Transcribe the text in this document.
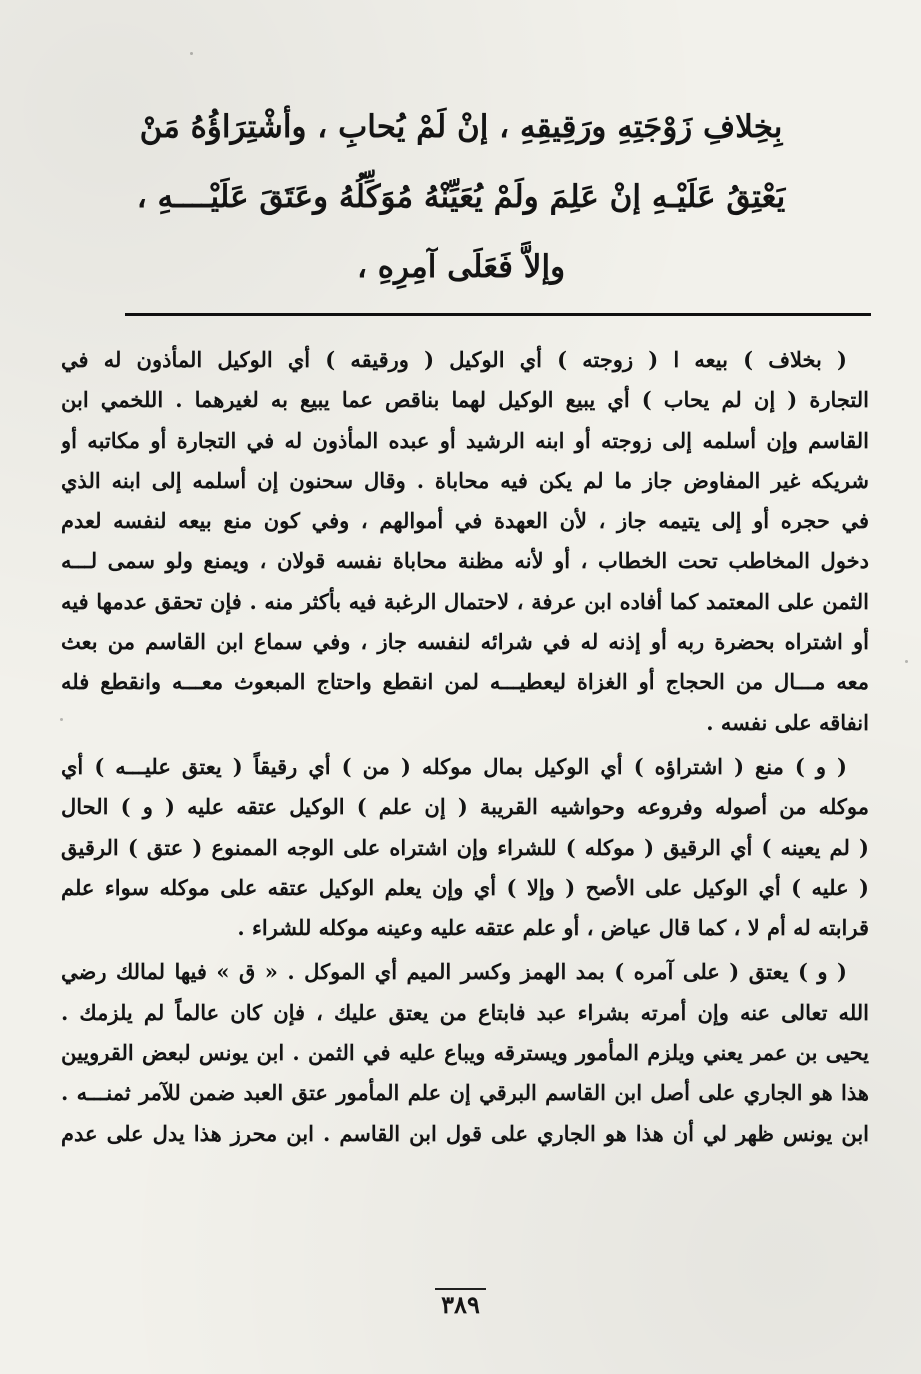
بِخِلافِ زَوْجَتِهِ ورَقِيقِهِ ، إنْ لَمْ يُحابِ ، وأشْتِرَاؤُهُ مَنْ
يَعْتِقُ عَلَيْـهِ إنْ عَلِمَ ولَمْ يُعَيِّنْهُ مُوَكِّلُهُ وعَتَقَ عَلَيْــــهِ ،
وإلاَّ فَعَلَى آمِرِهِ ،
( بخلاف ) بيعه ا ( زوجته ) أي الوكيل ( ورقيقه ) أي الوكيل المأذون له في
التجارة ( إن لم يحاب ) أي يبيع الوكيل لهما بناقص عما يبيع به لغيرهما . اللخمي ابن
القاسم وإن أسلمه إلى زوجته أو ابنه الرشيد أو عبده المأذون له في التجارة أو مكاتبه أو
شريكه غير المفاوض جاز ما لم يكن فيه محاباة . وقال سحنون إن أسلمه إلى ابنه الذي
في حجره أو إلى يتيمه جاز ، لأن العهدة في أموالهم ، وفي كون منع بيعه لنفسه لعدم
دخول المخاطب تحت الخطاب ، أو لأنه مظنة محاباة نفسه قولان ، ويمنع ولو سمى لـــه
الثمن على المعتمد كما أفاده ابن عرفة ، لاحتمال الرغبة فيه بأكثر منه . فإن تحقق عدمها فيه
أو اشتراه بحضرة ربه أو إذنه له في شرائه لنفسه جاز ، وفي سماع ابن القاسم من بعث
معه مـــال من الحجاج أو الغزاة ليعطيـــه لمن انقطع واحتاج المبعوث معـــه وانقطع فله
انفاقه على نفسه .
( و ) منع ( اشتراؤه ) أي الوكيل بمال موكله ( من ) أي رقيقاً ( يعتق عليـــه ) أي
موكله من أصوله وفروعه وحواشيه القريبة ( إن علم ) الوكيل عتقه عليه ( و ) الحال
( لم يعينه ) أي الرقيق ( موكله ) للشراء وإن اشتراه على الوجه الممنوع ( عتق ) الرقيق
( عليه ) أي الوكيل على الأصح ( وإلا ) أي وإن يعلم الوكيل عتقه على موكله سواء علم
قرابته له أم لا ، كما قال عياض ، أو علم عتقه عليه وعينه موكله للشراء .
( و ) يعتق ( على آمره ) بمد الهمز وكسر الميم أي الموكل . « ق » فيها لمالك رضي
الله تعالى عنه وإن أمرته بشراء عبد فابتاع من يعتق عليك ، فإن كان عالماً لم يلزمك .
يحيى بن عمر يعني ويلزم المأمور ويسترقه ويباع عليه في الثمن . ابن يونس لبعض القرويين
هذا هو الجاري على أصل ابن القاسم البرقي إن علم المأمور عتق العبد ضمن للآمر ثمنـــه .
ابن يونس ظهر لي أن هذا هو الجاري على قول ابن القاسم . ابن محرز هذا يدل على عدم
٣٨٩
